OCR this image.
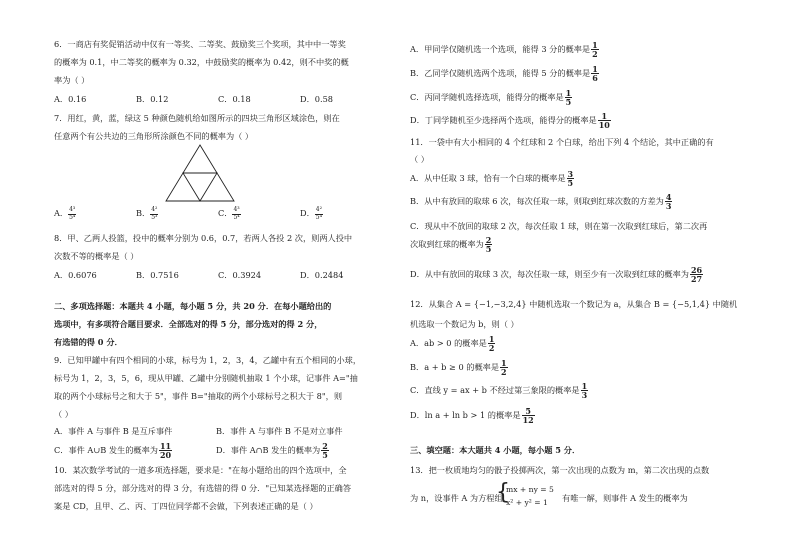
6．一商店有奖促销活动中仅有一等奖、二等奖、鼓励奖三个奖项，其中中一等奖
的概率为 0.1，中二等奖的概率为 0.32，中鼓励奖的概率为 0.42，则不中奖的概
率为（ ）
A．0.16	B．0.12	C．0.18	D．0.58
7．用红，黄，蓝，绿这 5 种颜色随机给如图所示的四块三角形区域涂色，则在
任意两个有公共边的三角形所涂颜色不同的概率为（ ）
A． $\frac{\text{4³}}{\text{5⁴}}$	B． $\frac{\text{4²}}{\text{5³}}$	C． $\frac{\text{4³}}{\text{5⁴}}$	D． $\frac{\text{4²}}{\text{5⁴}}$
8．甲、乙两人投篮，投中的概率分别为 0.6，0.7，若两人各投 2 次，则两人投中
次数不等的概率是（ ）
A．0.6076	B．0.7516	C．0.3924	D．0.2484
二、多项选择题：本题共 4 小题，每小题 5 分，共 20 分．在每小题给出的
选项中，有多项符合题目要求．全部选对的得 5 分，部分选对的得 2 分，
有选错的得 0 分．
9．已知甲罐中有四个相同的小球，标号为 1，2，3，4，乙罐中有五个相同的小球，
标号为 1，2，3，5，6，现从甲罐、乙罐中分别随机抽取 1 个小球，记事件 A="抽
取的两个小球标号之和大于 5"，事件 B="抽取的两个小球标号之积大于 8"，则
（ ）
A．事件 A 与事件 B 是互斥事件	B．事件 A 与事件 B 不是对立事件
C．事件 A∪B 发生的概率为 $\frac{11}{20}$	D．事件 A∩B 发生的概率为 $\frac{2}{5}$
10．某次数学考试的一道多项选择题，要求是："在每小题给出的四个选项中，全
部选对的得 5 分，部分选对的得 3 分，有选错的得 0 分．"已知某选择题的正确答
案是 CD，且甲、乙、丙、丁四位同学都不会做，下列表述正确的是（ ）
A．甲同学仅随机选一个选项，能得 3 分的概率是 $\frac{1}{2}$
B．乙同学仅随机选两个选项，能得 5 分的概率是 $\frac{1}{6}$
C．丙同学随机选择选项，能得分的概率是 $\frac{1}{5}$
D．丁同学随机至少选择两个选项，能得分的概率是 $\frac{1}{10}$
11．一袋中有大小相同的 4 个红球和 2 个白球，给出下列 4 个结论，其中正确的有
（ ）
A．从中任取 3 球，恰有一个白球的概率是 $\frac{3}{5}$
B．从中有放回的取球 6 次，每次任取一球，则取到红球次数的方差为 $\frac{4}{3}$
C．现从中不放回的取球 2 次，每次任取 1 球，则在第一次取到红球后，第二次再
次取到红球的概率为 $\frac{2}{5}$
D．从中有放回的取球 3 次，每次任取一球，则至少有一次取到红球的概率为 $\frac{26}{27}$
12．从集合 A = {−1,−3,2,4} 中随机选取一个数记为 a，从集合 B = {−5,1,4} 中随机
机选取一个数记为 b，则（ ）
A．ab > 0 的概率是 $\frac{1}{2}$
B．a + b ≥ 0 的概率是 $\frac{1}{2}$
C．直线 y = ax + b 不经过第三象限的概率是 $\frac{1}{3}$
D．ln a + ln b > 1 的概率是 $\frac{5}{12}$
三、填空题：本大题共 4 小题，每小题 5 分．
13．把一枚质地均匀的骰子投掷两次，第一次出现的点数为 m，第二次出现的点数
为 n，设事件 A 为方程组
{
mx + ny = 5
x² + y² = 1 有唯一解，则事件 A 发生的概率为
